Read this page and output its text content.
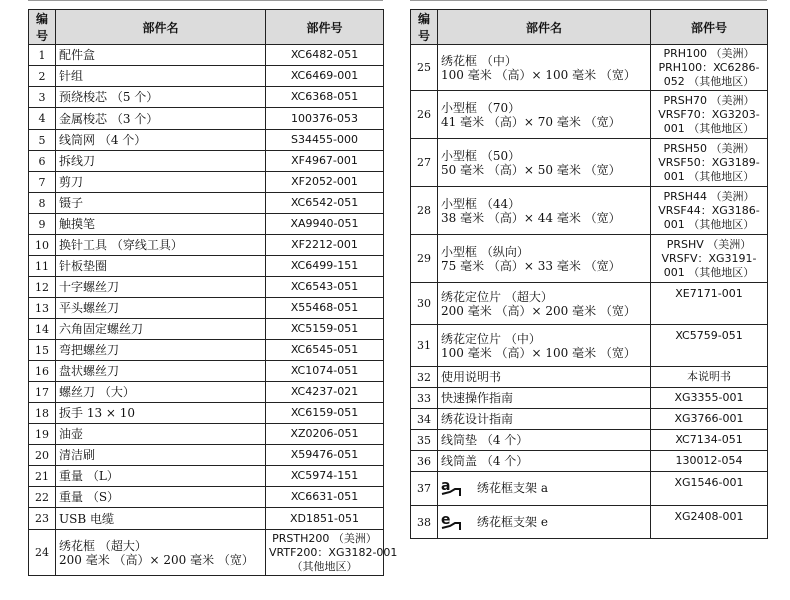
编号	部件名	部件号
1	配件盒	XC6482-051

2	针组	XC6469-001

3	预绕梭芯 （5 个）	XC6368-051

4	金属梭芯 （3 个）	100376-053

5	线筒网 （4 个）	S34455-000

6	拆线刀	XF4967-001

7	剪刀	XF2052-001

8	镊子	XC6542-051

9	触摸笔	XA9940-051

10	换针工具 （穿线工具）	XF2212-001

11	针板垫圈	XC6499-151

12	十字螺丝刀	XC6543-051

13	平头螺丝刀	X55468-051

14	六角固定螺丝刀	XC5159-051

15	弯把螺丝刀	XC6545-051

16	盘状螺丝刀	XC1074-051

17	螺丝刀 （大）	XC4237-021

18	扳手 13 × 10	XC6159-051

19	油壶	XZ0206-051

20	清洁刷	X59476-051

21	重量 （L）	XC5974-151

22	重量 （S）	XC6631-051

23	USB 电缆	XD1851-051

24	绣花框 （超大）
200 毫米 （高）× 200 毫米 （宽）	PRSTH200 （美洲）
VRTF200：XG3182-001
（其他地区）
编号	部件名	部件号
25	绣花框 （中）
100 毫米 （高）× 100 毫米 （宽）	PRH100 （美洲）
PRH100：XC6286-
052 （其他地区）

26	小型框 （70）
41 毫米 （高）× 70 毫米 （宽）	PRSH70 （美洲）
VRSF70：XG3203-
001 （其他地区）

27	小型框 （50）
50 毫米 （高）× 50 毫米 （宽）	PRSH50 （美洲）
VRSF50：XG3189-
001 （其他地区）

28	小型框 （44）
38 毫米 （高）× 44 毫米 （宽）	PRSH44 （美洲）
VRSF44：XG3186-
001 （其他地区）

29	小型框 （纵向）
75 毫米 （高）× 33 毫米 （宽）	PRSHV （美洲）
VRSFV：XG3191-
001 （其他地区）

30	绣花定位片 （超大）
200 毫米 （高）× 200 毫米 （宽）	XE7171-001

31	绣花定位片 （中）
100 毫米 （高）× 100 毫米 （宽）	XC5759-051

32	使用说明书	本说明书

33	快速操作指南	XG3355-001

34	绣花设计指南	XG3766-001

35	线筒垫 （4 个）	XC7134-051

36	线筒盖 （4 个）	130012-054

37	a 绣花框支架 a	XG1546-001

38	e 绣花框支架 e	XG2408-001
